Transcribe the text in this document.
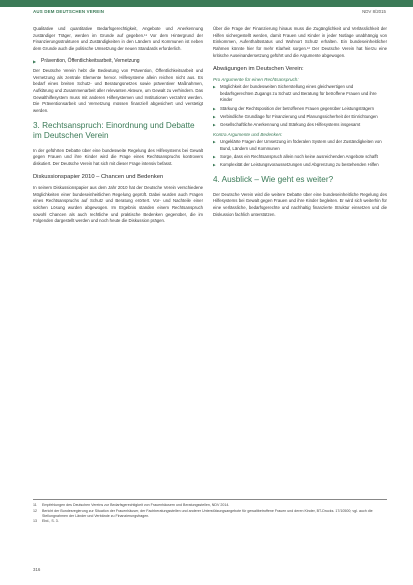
AUS DEM DEUTSCHEN VEREIN	NDV 8/2015

Qualitative und quantitative Bedarfsgerechtigkeit, Angebote und Anerkennung zuständiger Träger, werden im Grunde auf gegeben.¹¹ Vor dem Hintergrund der Finanzierungsstrukturen und Zuständigkeiten in den Ländern und Kommunen ist neben dem Grunde auch die politische Umsetzung der neuen Standards erforderlich.

▶ Prävention, Öffentlichkeitsarbeit, Vernetzung

Der Deutsche Verein hebt die Bedeutung von Prävention, Öffentlichkeitsarbeit und Vernetzung als zentrale Elemente hervor. Hilfesysteme allein reichen nicht aus. Es bedarf eines breiten Schutz- und Beratungsnetzes sowie präventiver Maßnahmen, Aufklärung und Zusammenarbeit aller relevanten Akteure, um Gewalt zu verhindern. Das Gewalthilfesystem muss mit anderen Hilfesystemen und Institutionen verzahnt werden. Die Präventionsarbeit und Vernetzung müssen finanziell abgesichert und verstetigt werden.

3. Rechtsanspruch: Einordnung und Debatte im Deutschen Verein

In der geführten Debatte über eine bundesweite Regelung des Hilfesystems bei Gewalt gegen Frauen und ihre Kinder wird die Frage eines Rechtsanspruchs kontrovers diskutiert. Der Deutsche Verein hat sich mit dieser Frage intensiv befasst.

Diskussionspapier 2010 – Chancen und Bedenken

In seinem Diskussionspapier aus dem Jahr 2010 hat der Deutsche Verein verschiedene Möglichkeiten einer bundeseinheitlichen Regelung geprüft. Dabei wurden auch Fragen eines Rechtsanspruchs auf Schutz und Beratung erörtert. Vor- und Nachteile einer solchen Lösung wurden abgewogen. Im Ergebnis standen einem Rechtsanspruch sowohl Chancen als auch rechtliche und praktische Bedenken gegenüber, die im Folgenden dargestellt werden und noch heute die Diskussion prägen.

Über die Frage der Finanzierung hinaus muss die Zugänglichkeit und Verlässlichkeit der Hilfen sichergestellt werden, damit Frauen und Kinder in jeder Notlage unabhängig von Einkommen, Aufenthaltsstatus und Wohnort Schutz erhalten. Ein bundeseinheitlicher Rahmen könnte hier für mehr Klarheit sorgen.¹² Der Deutsche Verein hat hierzu eine kritische Auseinandersetzung geführt und die Argumente abgewogen.

Abwägungen im Deutschen Verein:
Pro Argumente für einen Rechtsanspruch:
▶ Möglichkeit der bundesweiten Sicherstellung eines gleichwertigen und bedarfsgerechten Zugangs zu Schutz und Beratung für betroffene Frauen und ihre Kinder
▶ Stärkung der Rechtsposition der betroffenen Frauen gegenüber Leistungsträgern
▶ Verbindliche Grundlage für Finanzierung und Planungssicherheit der Einrichtungen
▶ Gesellschaftliche Anerkennung und Stärkung des Hilfesystems insgesamt
Kontra Argumente und Bedenken:
▶ Ungeklärte Fragen der Umsetzung im föderalen System und der Zuständigkeiten von Bund, Ländern und Kommunen
▶ Sorge, dass ein Rechtsanspruch allein noch keine ausreichenden Angebote schafft
▶ Komplexität der Leistungsvoraussetzungen und Abgrenzung zu bestehenden Hilfen
4. Ausblick – Wie geht es weiter?

Der Deutsche Verein wird die weitere Debatte über eine bundeseinheitliche Regelung des Hilfesystems bei Gewalt gegen Frauen und ihre Kinder begleiten. Er wird sich weiterhin für eine verlässliche, bedarfsgerechte und nachhaltig finanzierte Struktur einsetzen und die Diskussion fachlich unterstützen.

11 Empfehlungen des Deutschen Vereins zur Bedarfsgerechtigkeit von Frauenhäusern und Beratungsstellen, NDV 2014.
12 Bericht der Bundesregierung zur Situation der Frauenhäuser, der Fachberatungsstellen und anderer Unterstützungsangebote für gewaltbetroffene Frauen und deren Kinder, BT-Drucks. 17/10500; vgl. auch die Stellungnahmen der Länder und Verbände zu Finanzierungsfragen.
13 Ebd., S. 3.
316
